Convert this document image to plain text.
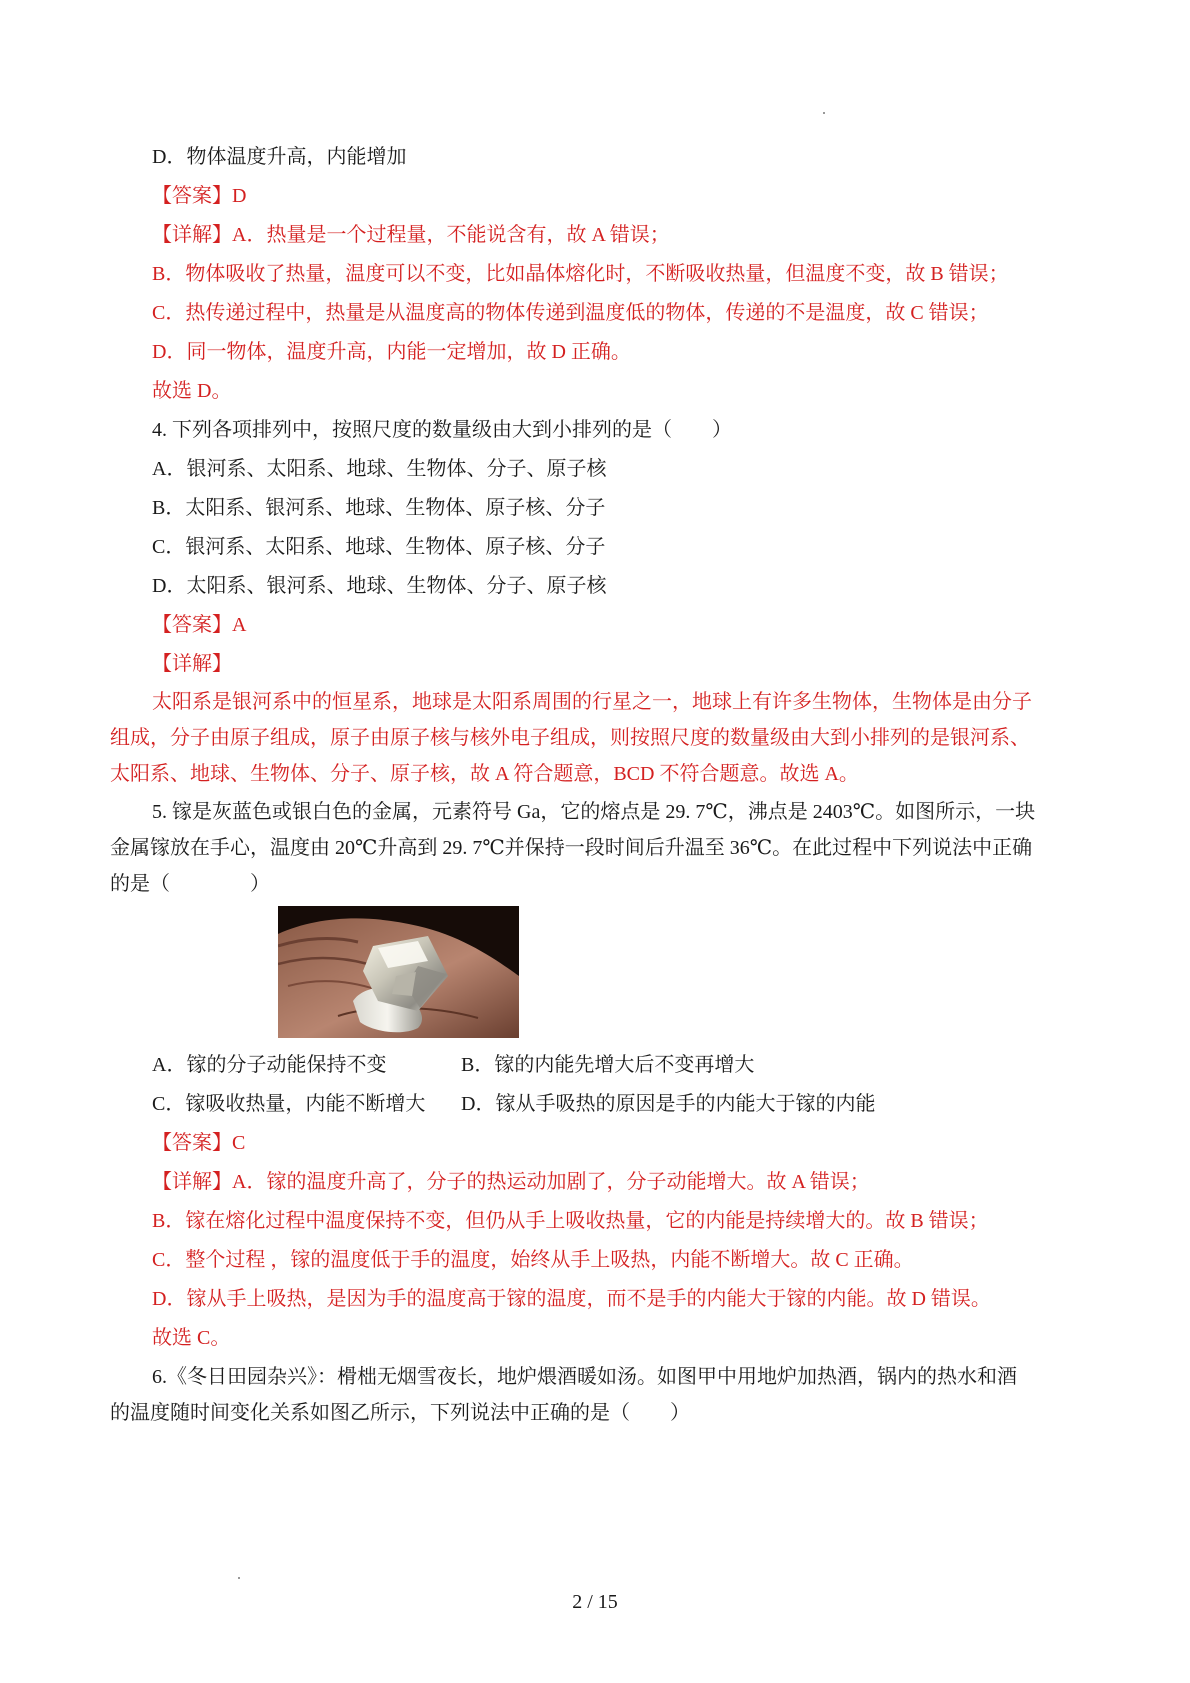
D．物体温度升高，内能增加
【答案】D
【详解】A．热量是一个过程量，不能说含有，故 A 错误；
B．物体吸收了热量，温度可以不变，比如晶体熔化时，不断吸收热量，但温度不变，故 B 错误；
C．热传递过程中，热量是从温度高的物体传递到温度低的物体，传递的不是温度，故 C 错误；
D．同一物体，温度升高，内能一定增加，故 D 正确。
故选 D。
4. 下列各项排列中，按照尺度的数量级由大到小排列的是（　　）
A．银河系、太阳系、地球、生物体、分子、原子核
B．太阳系、银河系、地球、生物体、原子核、分子
C．银河系、太阳系、地球、生物体、原子核、分子
D．太阳系、银河系、地球、生物体、分子、原子核
【答案】A
【详解】
太阳系是银河系中的恒星系，地球是太阳系周围的行星之一，地球上有许多生物体，生物体是由分子
组成，分子由原子组成，原子由原子核与核外电子组成，则按照尺度的数量级由大到小排列的是银河系、
太阳系、地球、生物体、分子、原子核，故 A 符合题意，BCD 不符合题意。故选 A。
5. 镓是灰蓝色或银白色的金属，元素符号 Ga，它的熔点是 29. 7℃，沸点是 2403℃。如图所示，一块
金属镓放在手心，温度由 20℃升高到 29. 7℃并保持一段时间后升温至 36℃。在此过程中下列说法中正确
的是（　　　　）
A．镓的分子动能保持不变	B．镓的内能先增大后不变再增大
C．镓吸收热量，内能不断增大 D．镓从手吸热的原因是手的内能大于镓的内能
【答案】C
【详解】A．镓的温度升高了，分子的热运动加剧了，分子动能增大。故 A 错误；
B．镓在熔化过程中温度保持不变，但仍从手上吸收热量，它的内能是持续增大的。故 B 错误；
C．整个过程 ，镓的温度低于手的温度，始终从手上吸热，内能不断增大。故 C 正确。
D．镓从手上吸热，是因为手的温度高于镓的温度，而不是手的内能大于镓的内能。故 D 错误。
故选 C。
6.《冬日田园杂兴》：榾柮无烟雪夜长，地炉煨酒暖如汤。如图甲中用地炉加热酒，锅内的热水和酒
的温度随时间变化关系如图乙所示，下列说法中正确的是（　　）
2 / 15
